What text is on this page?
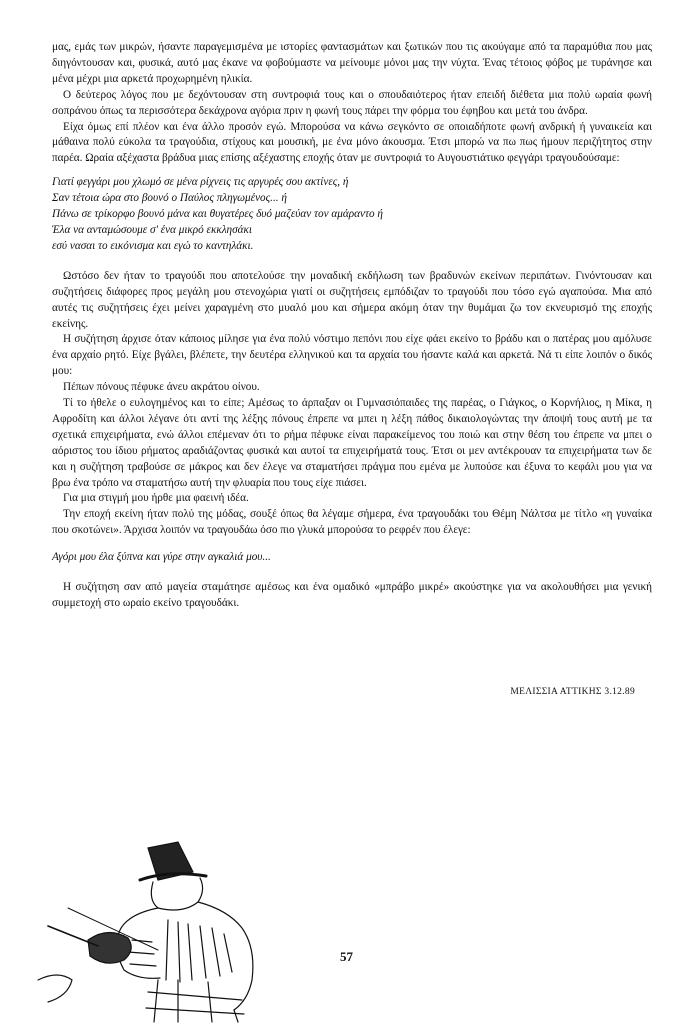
μας, εμάς των μικρών, ήσαντε παραγεμισμένα με ιστορίες φαντασμάτων και ξωτικών που τις ακούγαμε από τα παραμύθια που μας διηγόντουσαν και, φυσικά, αυτό μας έκανε να φοβούμαστε να μείνουμε μόνοι μας την νύχτα. Ένας τέτοιος φόβος με τυράνησε και μένα μέχρι μια αρκετά προχωρημένη ηλικία.

Ο δεύτερος λόγος που με δεχόντουσαν στη συντροφιά τους και ο σπουδαιότερος ήταν επειδή διέθετα μια πολύ ωραία φωνή σοπράνου όπως τα περισσότερα δεκάχρονα αγόρια πριν η φωνή τους πάρει την φόρμα του έφηβου και μετά του άνδρα.

Είχα όμως επί πλέον και ένα άλλο προσόν εγώ. Μπορούσα να κάνω σεγκόντο σε οποιαδήποτε φωνή ανδρική ή γυναικεία και μάθαινα πολύ εύκολα τα τραγούδια, στίχους και μουσική, με ένα μόνο άκουσμα. Έτσι μπορώ να πω πως ήμουν περιζήτητος στην παρέα. Ωραία αξέχαστα βράδυα μιας επίσης αξέχαστης εποχής όταν με συντροφιά το Αυγουστιάτικο φεγγάρι τραγουδούσαμε:

Γιατί φεγγάρι μου χλωμό σε μένα ρίχνεις τις αργυρές σου ακτίνες, ή

Σαν τέτοια ώρα στο βουνό ο Παύλος πληγωμένος... ή

Πάνω σε τρίκορφο βουνό μάνα και θυγατέρες δυό μαζεύαν τον αμάραντο ή

Έλα να ανταμώσουμε σ' ένα μικρό εκκλησάκι

εσύ νασαι το εικόνισμα και εγώ το καντηλάκι.

Ωστόσο δεν ήταν το τραγούδι που αποτελούσε την μοναδική εκδήλωση των βραδυνών εκείνων περιπάτων. Γινόντουσαν και συζητήσεις διάφορες προς μεγάλη μου στενοχώρια γιατί οι συζητήσεις εμπόδιζαν το τραγούδι που τόσο εγώ αγαπούσα. Μια από αυτές τις συζητήσεις έχει μείνει χαραγμένη στο μυαλό μου και σήμερα ακόμη όταν την θυμάμαι ζω τον εκνευρισμό της εποχής εκείνης.

Η συζήτηση άρχισε όταν κάποιος μίλησε για ένα πολύ νόστιμο πεπόνι που είχε φάει εκείνο το βράδυ και ο πατέρας μου αμόλυσε ένα αρχαίο ρητό. Είχε βγάλει, βλέπετε, την δευτέρα ελληνικού και τα αρχαία του ήσαντε καλά και αρκετά. Νά τι είπε λοιπόν ο δικός μου:

Πέπων πόνους πέφυκε άνευ ακράτου οίνου.

Τί το ήθελε ο ευλογημένος και το είπε; Αμέσως το άρπαξαν οι Γυμνασιόπαιδες της παρέας, ο Γιάγκος, ο Κορνήλιος, η Μίκα, η Αφροδίτη και άλλοι λέγανε ότι αντί της λέξης πόνους έπρεπε να μπει η λέξη πάθος δικαιολογώντας την άποψή τους αυτή με τα σχετικά επιχειρήματα, ενώ άλλοι επέμεναν ότι το ρήμα πέφυκε είναι παρακείμενος του ποιώ και στην θέση του έπρεπε να μπει ο αόριστος του ίδιου ρήματος αραδιάζοντας φυσικά και αυτοί τα επιχειρήματά τους. Έτσι οι μεν αντέκρουαν τα επιχειρήματα των δε και η συζήτηση τραβούσε σε μάκρος και δεν έλεγε να σταματήσει πράγμα που εμένα με λυπούσε και έξυνα το κεφάλι μου για να βρω ένα τρόπο να σταματήσω αυτή την φλυαρία που τους είχε πιάσει.

Για μια στιγμή μου ήρθε μια φαεινή ιδέα.

Την εποχή εκείνη ήταν πολύ της μόδας, σουξέ όπως θα λέγαμε σήμερα, ένα τραγουδάκι του Θέμη Νάλτσα με τίτλο «η γυναίκα που σκοτώνει». Άρχισα λοιπόν να τραγουδάω όσο πιο γλυκά μπορούσα το ρεφρέν που έλεγε:

Αγόρι μου έλα ξύπνα και γύρε στην αγκαλιά μου...

Η συζήτηση σαν από μαγεία σταμάτησε αμέσως και ένα ομαδικό «μπράβο μικρέ» ακούστηκε για να ακολουθήσει μια γενική συμμετοχή στο ωραίο εκείνο τραγουδάκι.

ΜΕΛΙΣΣΙΑ ΑΤΤΙΚΗΣ 3.12.89
57
